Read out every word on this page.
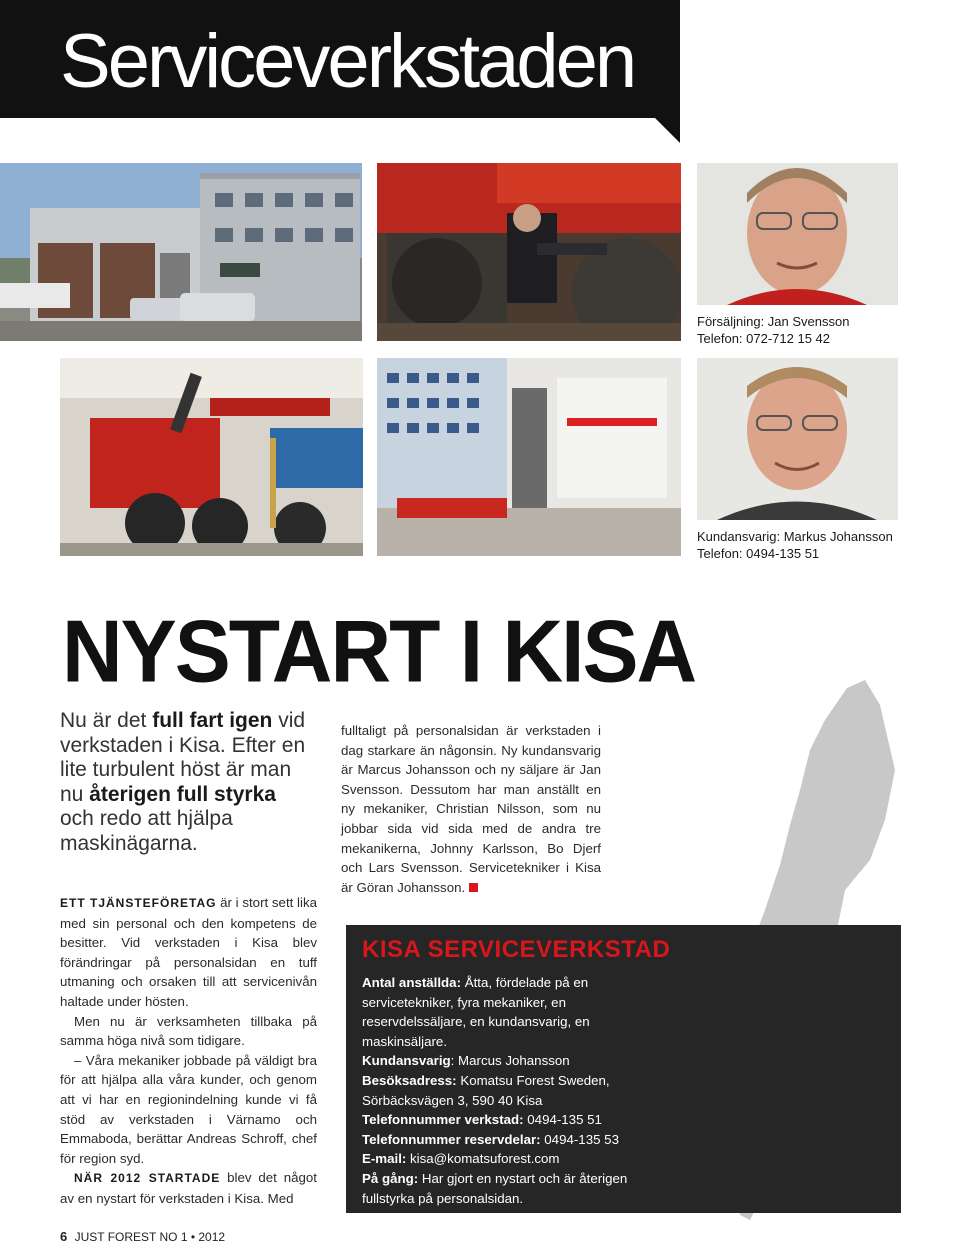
Serviceverkstaden
Försäljning: Jan Svensson
Telefon: 072-712 15 42
Kundansvarig: Markus Johansson
Telefon: 0494-135 51
NYSTART I KISA
Nu är det full fart igen vid verkstaden i Kisa. Efter en lite turbulent höst är man nu återigen full styrka och redo att hjälpa maskinägarna.

ETT TJÄNSTEFÖRETAG är i stort sett lika med sin personal och den kompetens de besitter. Vid verkstaden i Kisa blev förändringar på personalsidan en tuff utmaning och orsaken till att servicenivån haltade under hösten.

Men nu är verksamheten tillbaka på samma höga nivå som tidigare.

– Våra mekaniker jobbade på väldigt bra för att hjälpa alla våra kunder, och genom att vi har en regionindelning kunde vi få stöd av verkstaden i Värnamo och Emmaboda, berättar Andreas Schroff, chef för region syd.

NÄR 2012 STARTADE blev det något av en nystart för verkstaden i Kisa. Med

fulltaligt på personalsidan är verkstaden i dag starkare än någonsin. Ny kundansvarig är Marcus Johansson och ny säljare är Jan Svensson. Dessutom har man anställt en ny mekaniker, Christian Nilsson, som nu jobbar sida vid sida med de andra tre mekanikerna, Johnny Karlsson, Bo Djerf och Lars Svensson. Servicetekniker i Kisa är Göran Johansson.

KISA SERVICEVERKSTAD
Antal anställda: Åtta, fördelade på en servicetekniker, fyra mekaniker, en reservdelssäljare, en kundansvarig, en maskinsäljare.
Kundansvarig: Marcus Johansson
Besöksadress: Komatsu Forest Sweden, Sörbäcksvägen 3, 590 40 Kisa
Telefonnummer verkstad: 0494-135 51
Telefonnummer reservdelar: 0494-135 53
E-mail: kisa@komatsuforest.com
På gång: Har gjort en nystart och är återigen fullstyrka på personalsidan.
6 JUST FOREST NO 1 • 2012
